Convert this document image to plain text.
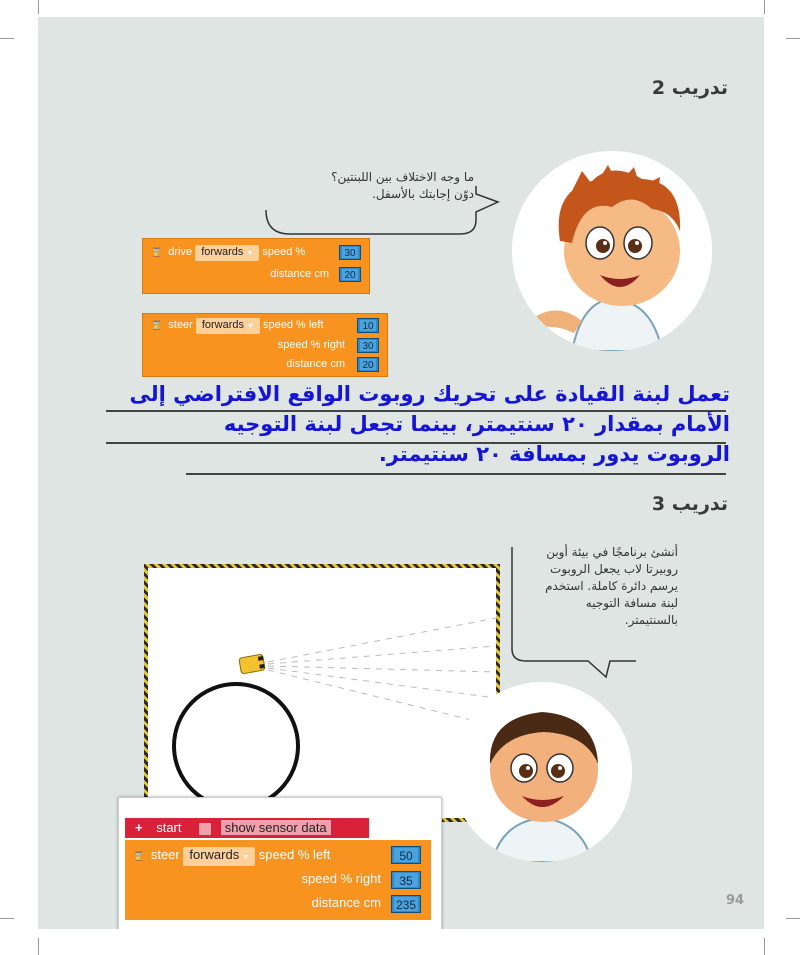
تدريب 2
ما وجه الاختلاف بين اللبنتين؟
دوّن إجابتك بالأسفل.
⌛ drive forwards ▼ speed %	30
distance cm 20
⌛ steer forwards ▼ speed % left	10
speed % right 30
distance cm 20
تعمل لبنة القيادة على تحريك روبوت الواقع الافتراضي إلى
الأمام بمقدار ٢٠ سنتيمتر، بينما تجعل لبنة التوجيه
الروبوت يدور بمسافة ٢٠ سنتيمتر.
تدريب 3
أنشئ برنامجًا في بيئة أوبن
روبيرتا لاب يجعل الروبوت
يرسم دائرة كاملة. استخدم
لبنة مسافة التوجيه
بالسنتيمتر.
+ start	show sensor data
⌛ steer forwards ▼ speed % left	50
speed % right	35
distance cm 235	94
